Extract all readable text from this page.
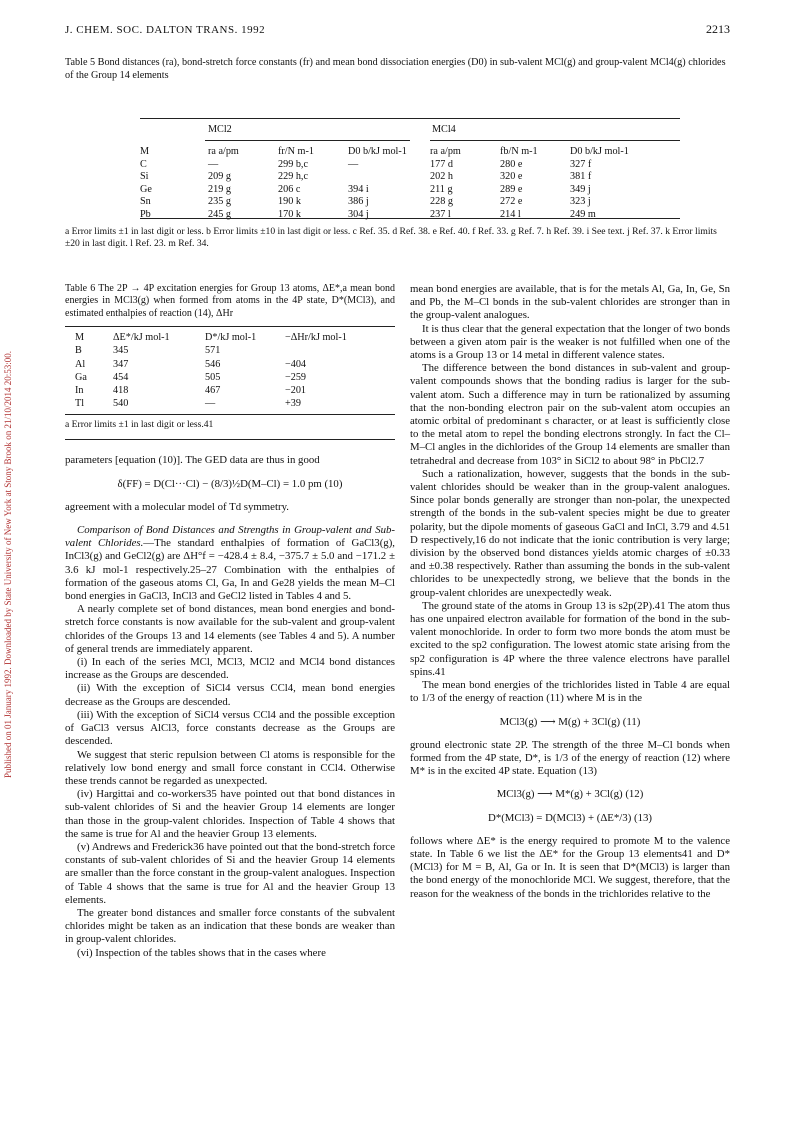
Published on 01 January 1992. Downloaded by State University of New York at Stony Brook on 21/10/2014 20:53:00.
J. CHEM. SOC. DALTON TRANS. 1992	2213
Table 5 Bond distances (ra), bond-stretch force constants (fr) and mean bond dissociation energies (D0) in sub-valent MCl(g) and group-valent MCl4(g) chlorides of the Group 14 elements
MCl2	MCl4
M	ra a/pm	fr/N m-1	D0 b/kJ mol-1	ra a/pm	fb/N m-1	D0 b/kJ mol-1
C	—	299 b,c	—	177 d	280 e	327 f
Si	209 g	229 h,c		202 h	320 e	381 f
Ge	219 g	206 c	394 i	211 g	289 e	349 j
Sn	235 g	190 k	386 j	228 g	272 e	323 j
Pb	245 g	170 k	304 j	237 l	214 l	249 m
a Error limits ±1 in last digit or less. b Error limits ±10 in last digit or less. c Ref. 35. d Ref. 38. e Ref. 40. f Ref. 33. g Ref. 7. h Ref. 39. i See text. j Ref. 37. k Error limits ±20 in last digit. l Ref. 23. m Ref. 34.
Table 6 The 2P → 4P excitation energies for Group 13 atoms, ΔE*,a mean bond energies in MCl3(g) when formed from atoms in the 4P state, D*(MCl3), and estimated enthalpies of reaction (14), ΔHr
M	ΔE*/kJ mol-1	D*/kJ mol-1	−ΔHr/kJ mol-1
B	345	571	
Al	347	546	−404
Ga	454	505	−259
In	418	467	−201
Tl	540	—	+39
a Error limits ±1 in last digit or less.41

parameters [equation (10)]. The GED data are thus in good

δ(FF) = D(Cl···Cl) − (8/3)½D(M–Cl) = 1.0 pm (10)

agreement with a molecular model of Td symmetry.

Comparison of Bond Distances and Strengths in Group-valent and Sub-valent Chlorides.—The standard enthalpies of formation of GaCl3(g), InCl3(g) and GeCl2(g) are ΔH°f = −428.4 ± 8.4, −375.7 ± 5.0 and −171.2 ± 3.6 kJ mol-1 respectively.25–27 Combination with the enthalpies of formation of the gaseous atoms Cl, Ga, In and Ge28 yields the mean M–Cl bond energies in GaCl3, InCl3 and GeCl2 listed in Tables 4 and 5.

A nearly complete set of bond distances, mean bond energies and bond-stretch force constants is now available for the sub-valent and group-valent chlorides of the Groups 13 and 14 elements (see Tables 4 and 5). A number of general trends are immediately apparent.

(i) In each of the series MCl, MCl3, MCl2 and MCl4 bond distances increase as the Groups are descended.

(ii) With the exception of SiCl4 versus CCl4, mean bond energies decrease as the Groups are descended.

(iii) With the exception of SiCl4 versus CCl4 and the possible exception of GaCl3 versus AlCl3, force constants decrease as the Groups are descended.

We suggest that steric repulsion between Cl atoms is responsible for the relatively low bond energy and small force constant in CCl4. Otherwise these trends cannot be regarded as unexpected.

(iv) Hargittai and co-workers35 have pointed out that bond distances in sub-valent chlorides of Si and the heavier Group 14 elements are longer than those in the group-valent chlorides. Inspection of Table 4 shows that the same is true for Al and the heavier Group 13 elements.

(v) Andrews and Frederick36 have pointed out that the bond-stretch force constants of sub-valent chlorides of Si and the heavier Group 14 elements are smaller than the force constant in the group-valent analogues. Inspection of Table 4 shows that the same is true for Al and the heavier Group 13 elements.

The greater bond distances and smaller force constants of the subvalent chlorides might be taken as an indication that these bonds are weaker than in group-valent chlorides.

(vi) Inspection of the tables shows that in the cases where

mean bond energies are available, that is for the metals Al, Ga, In, Ge, Sn and Pb, the M–Cl bonds in the sub-valent chlorides are stronger than in the group-valent analogues.

It is thus clear that the general expectation that the longer of two bonds between a given atom pair is the weaker is not fulfilled when one of the atoms is a Group 13 or 14 metal in different valence states.

The difference between the bond distances in sub-valent and group-valent compounds shows that the bonding radius is larger for the sub-valent atom. Such a difference may in turn be rationalized by assuming that the non-bonding electron pair on the sub-valent atom occupies an atomic orbital of predominant s character, or at least is sufficiently close to the metal atom to repel the bonding electrons strongly. In fact the Cl–M–Cl angles in the dichlorides of the Group 14 elements are smaller than tetrahedral and decrease from 103° in SiCl2 to about 98° in PbCl2.7

Such a rationalization, however, suggests that the bonds in the sub-valent chlorides should be weaker than in the group-valent analogues. Since polar bonds generally are stronger than non-polar, the unexpected strength of the bonds in the sub-valent species might be due to greater polarity, but the dipole moments of gaseous GaCl and InCl, 3.79 and 4.51 D respectively,16 do not indicate that the ionic contribution is very large; division by the observed bond distances yields atomic charges of ±0.33 and ±0.38 respectively. Rather than assuming the bonds in the sub-valent chlorides to be unexpectedly strong, we believe that the bonds in the group-valent chlorides are unexpectedly weak.

The ground state of the atoms in Group 13 is s2p(2P).41 The atom thus has one unpaired electron available for formation of the bond in the sub-valent monochloride. In order to form two more bonds the atom must be excited to the sp2 configuration. The lowest atomic state arising from the sp2 configuration is 4P where the three valence electrons have parallel spins.41

The mean bond energies of the trichlorides listed in Table 4 are equal to 1/3 of the energy of reaction (11) where M is in the

MCl3(g) ⟶ M(g) + 3Cl(g) (11)

ground electronic state 2P. The strength of the three M–Cl bonds when formed from the 4P state, D*, is 1/3 of the energy of reaction (12) where M* is in the excited 4P state. Equation (13)

MCl3(g) ⟶ M*(g) + 3Cl(g) (12)
D*(MCl3) = D(MCl3) + (ΔE*/3) (13)

follows where ΔE* is the energy required to promote M to the valence state. In Table 6 we list the ΔE* for the Group 13 elements41 and D*(MCl3) for M = B, Al, Ga or In. It is seen that D*(MCl3) is larger than the bond energy of the monochloride MCl. We suggest, therefore, that the reason for the weakness of the bonds in the trichlorides relative to the
